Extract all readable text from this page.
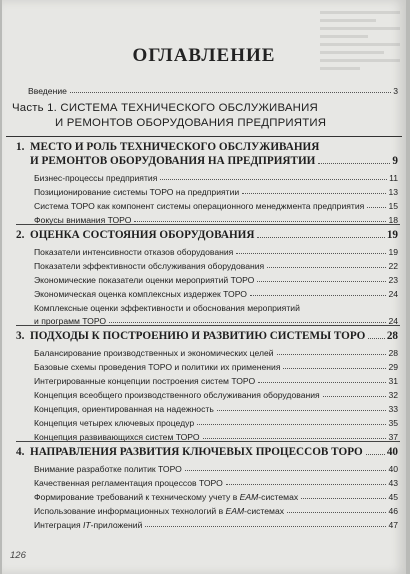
ОГЛАВЛЕНИЕ
Введение	3
Часть 1. СИСТЕМА ТЕХНИЧЕСКОГО ОБСЛУЖИВАНИЯ
И РЕМОНТОВ ОБОРУДОВАНИЯ ПРЕДПРИЯТИЯ
1. МЕСТО И РОЛЬ ТЕХНИЧЕСКОГО ОБСЛУЖИВАНИЯ
И РЕМОНТОВ ОБОРУДОВАНИЯ НА ПРЕДПРИЯТИИ	9
Бизнес-процессы предприятия	11
Позиционирование системы ТОРО на предприятии	13
Система ТОРО как компонент системы операционного менеджмента предприятия	15
Фокусы внимания ТОРО	18
2. ОЦЕНКА СОСТОЯНИЯ ОБОРУДОВАНИЯ	19
Показатели интенсивности отказов оборудования	19
Показатели эффективности обслуживания оборудования	22
Экономические показатели оценки мероприятий ТОРО	23
Экономическая оценка комплексных издержек ТОРО	24
Комплексные оценки эффективности и обоснования мероприятий
и программ ТОРО	24
3. ПОДХОДЫ К ПОСТРОЕНИЮ И РАЗВИТИЮ СИСТЕМЫ ТОРО 28
Балансирование производственных и экономических целей	28
Базовые схемы проведения ТОРО и политики их применения	29
Интегрированные концепции построения систем ТОРО	31
Концепция всеобщего производственного обслуживания оборудования	32
Концепция, ориентированная на надежность	33
Концепция четырех ключевых процедур	35
Концепция развивающихся систем ТОРО	37
4. НАПРАВЛЕНИЯ РАЗВИТИЯ КЛЮЧЕВЫХ ПРОЦЕССОВ ТОРО 40
Внимание разработке политик ТОРО	40
Качественная регламентация процессов ТОРО	43
Формирование требований к техническому учету в EAM-системах	45
Использование информационных технологий в EAM-системах	46
Интеграция IT-приложений	47
126
